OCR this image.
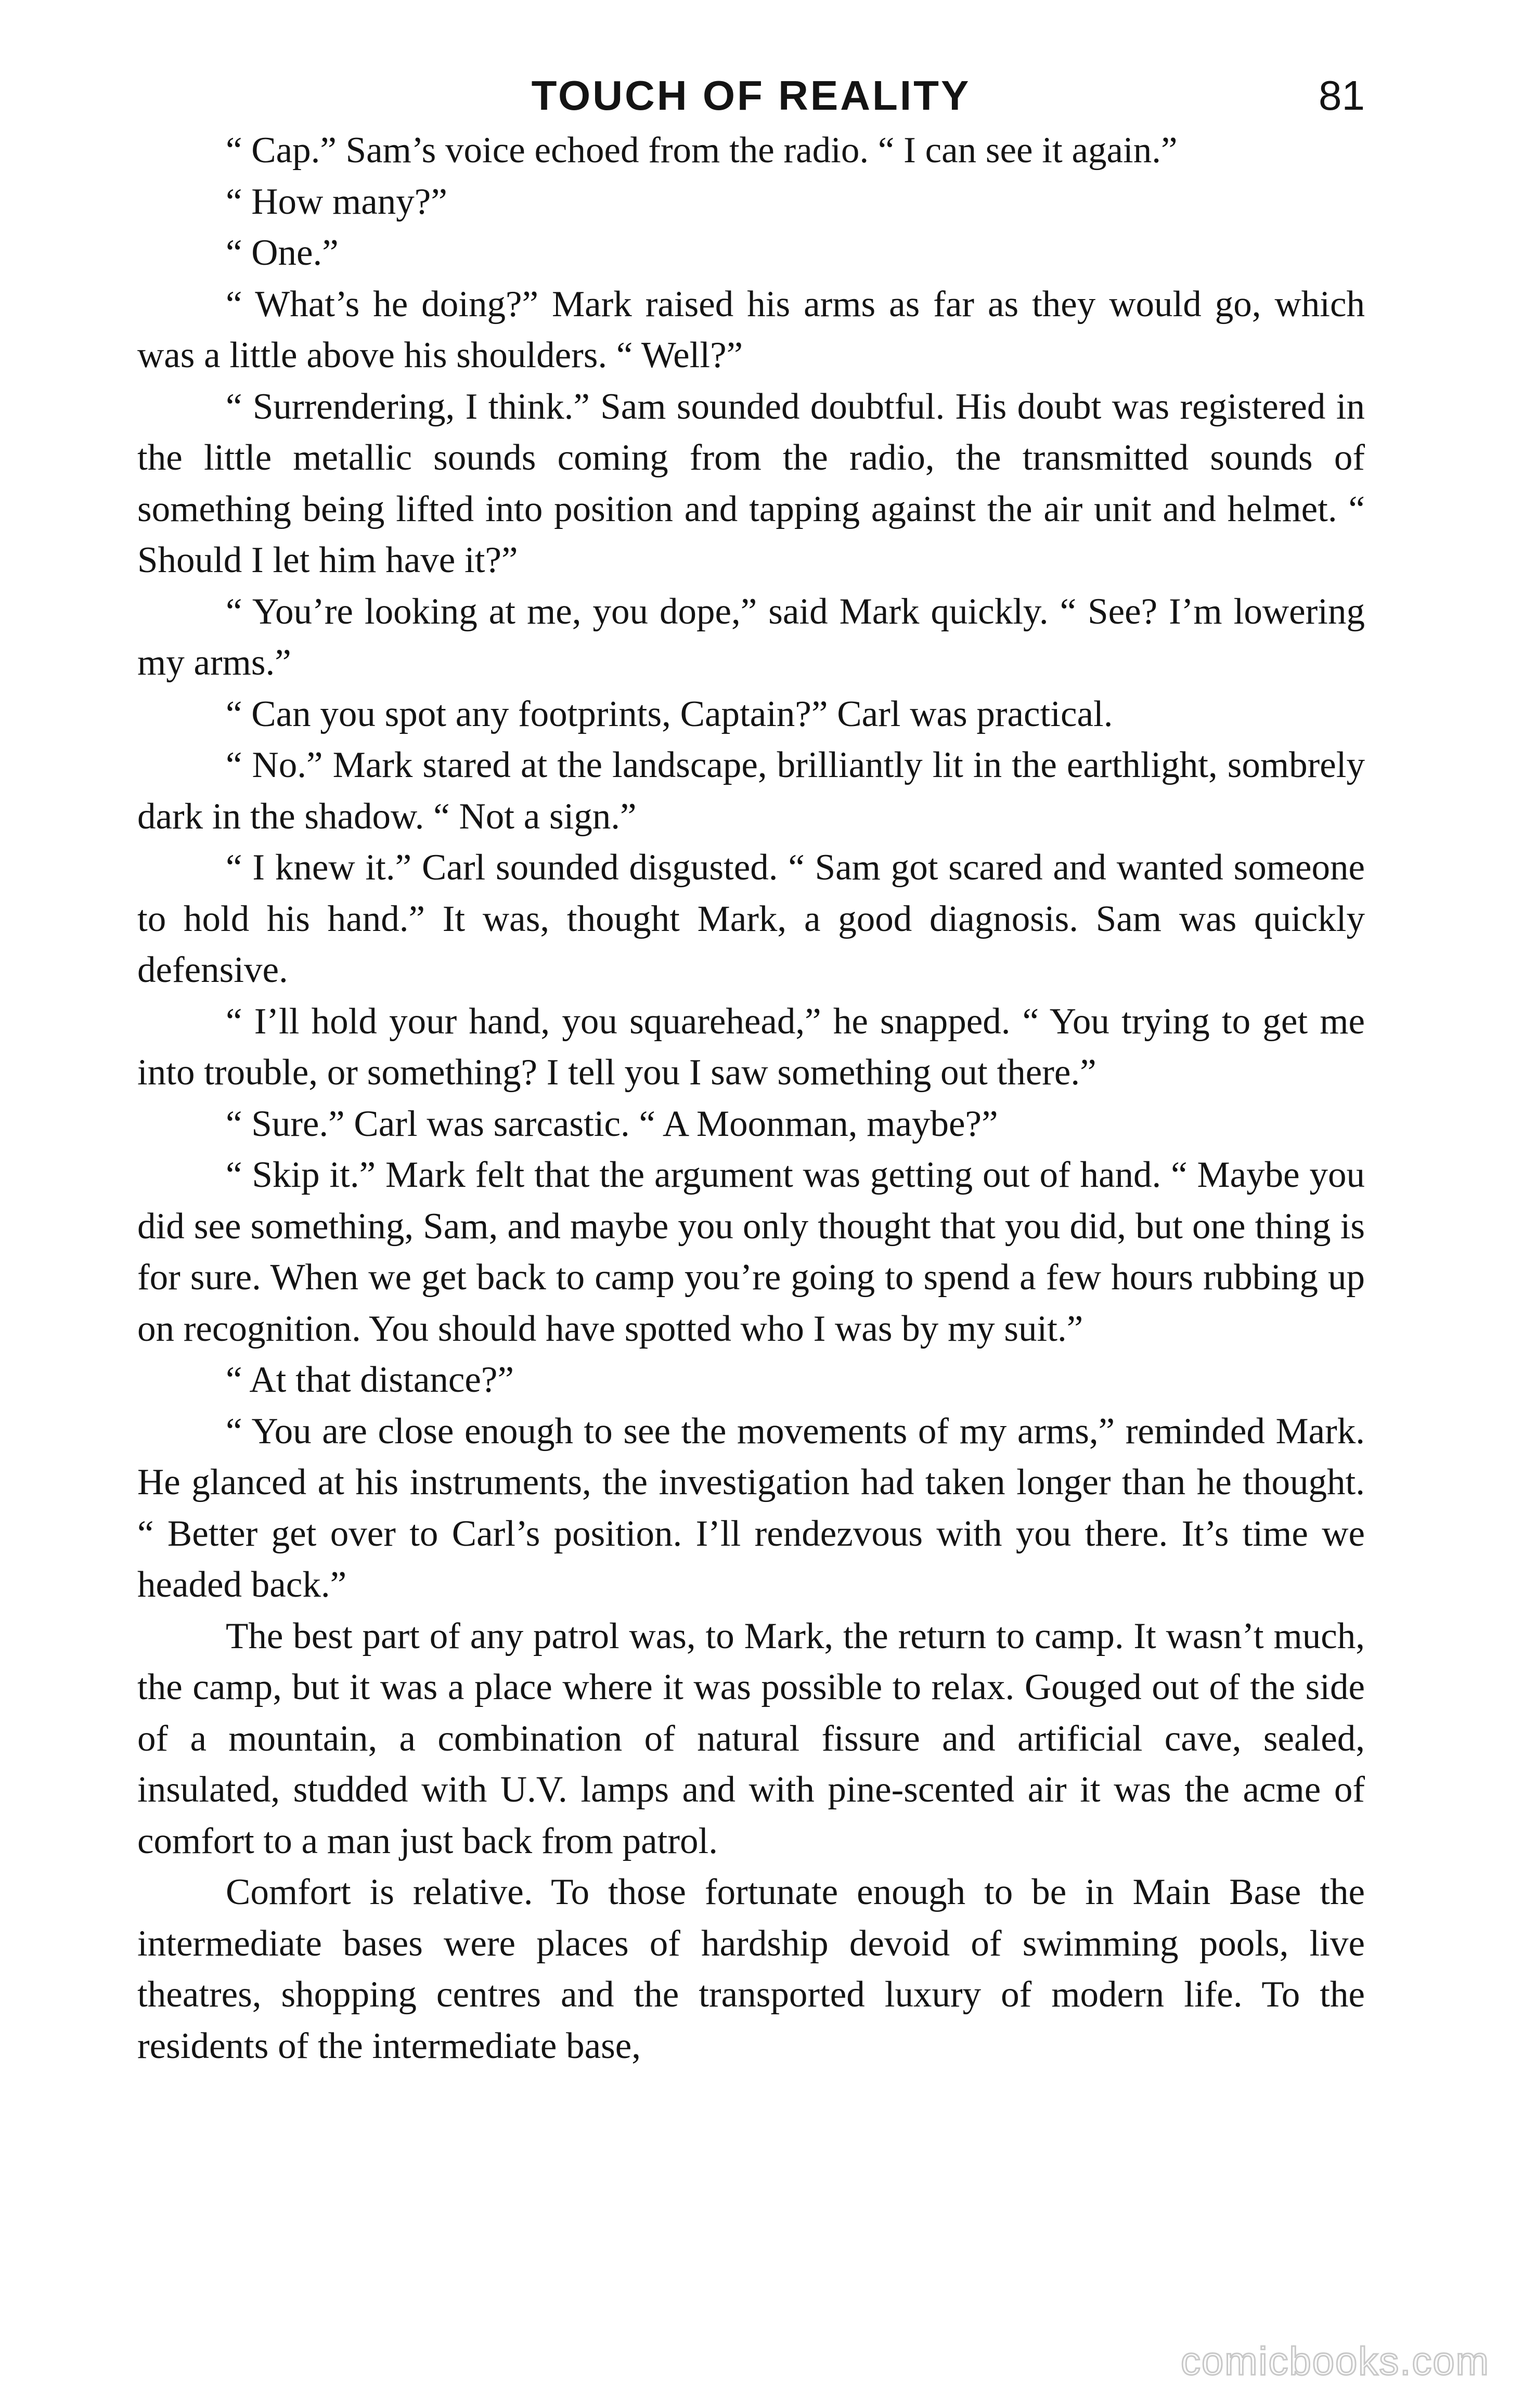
TOUCH OF REALITY	81

“ Cap.” Sam’s voice echoed from the radio. “ I can see it again.”

“ How many?”

“ One.”

“ What’s he doing?” Mark raised his arms as far as they would go, which was a little above his shoulders. “ Well?”

“ Surrendering, I think.” Sam sounded doubtful. His doubt was registered in the little metallic sounds coming from the radio, the transmitted sounds of something being lifted into position and tapping against the air unit and helmet. “ Should I let him have it?”

“ You’re looking at me, you dope,” said Mark quickly. “ See? I’m lowering my arms.”

“ Can you spot any footprints, Captain?” Carl was practical.

“ No.” Mark stared at the landscape, brilliantly lit in the earthlight, sombrely dark in the shadow. “ Not a sign.”

“ I knew it.” Carl sounded disgusted. “ Sam got scared and wanted someone to hold his hand.” It was, thought Mark, a good diagnosis. Sam was quickly defensive.

“ I’ll hold your hand, you squarehead,” he snapped. “ You trying to get me into trouble, or something? I tell you I saw something out there.”

“ Sure.” Carl was sarcastic. “ A Moonman, maybe?”

“ Skip it.” Mark felt that the argument was getting out of hand. “ Maybe you did see something, Sam, and maybe you only thought that you did, but one thing is for sure. When we get back to camp you’re going to spend a few hours rubbing up on recognition. You should have spotted who I was by my suit.”

“ At that distance?”

“ You are close enough to see the movements of my arms,” reminded Mark. He glanced at his instruments, the investigation had taken longer than he thought. “ Better get over to Carl’s position. I’ll rendezvous with you there. It’s time we headed back.”

The best part of any patrol was, to Mark, the return to camp. It wasn’t much, the camp, but it was a place where it was possible to relax. Gouged out of the side of a mountain, a combination of natural fissure and artificial cave, sealed, insulated, studded with U.V. lamps and with pine-scented air it was the acme of comfort to a man just back from patrol.

Comfort is relative. To those fortunate enough to be in Main Base the intermediate bases were places of hardship devoid of swimming pools, live theatres, shopping centres and the transported luxury of modern life. To the residents of the intermediate base,

comicbooks.com
